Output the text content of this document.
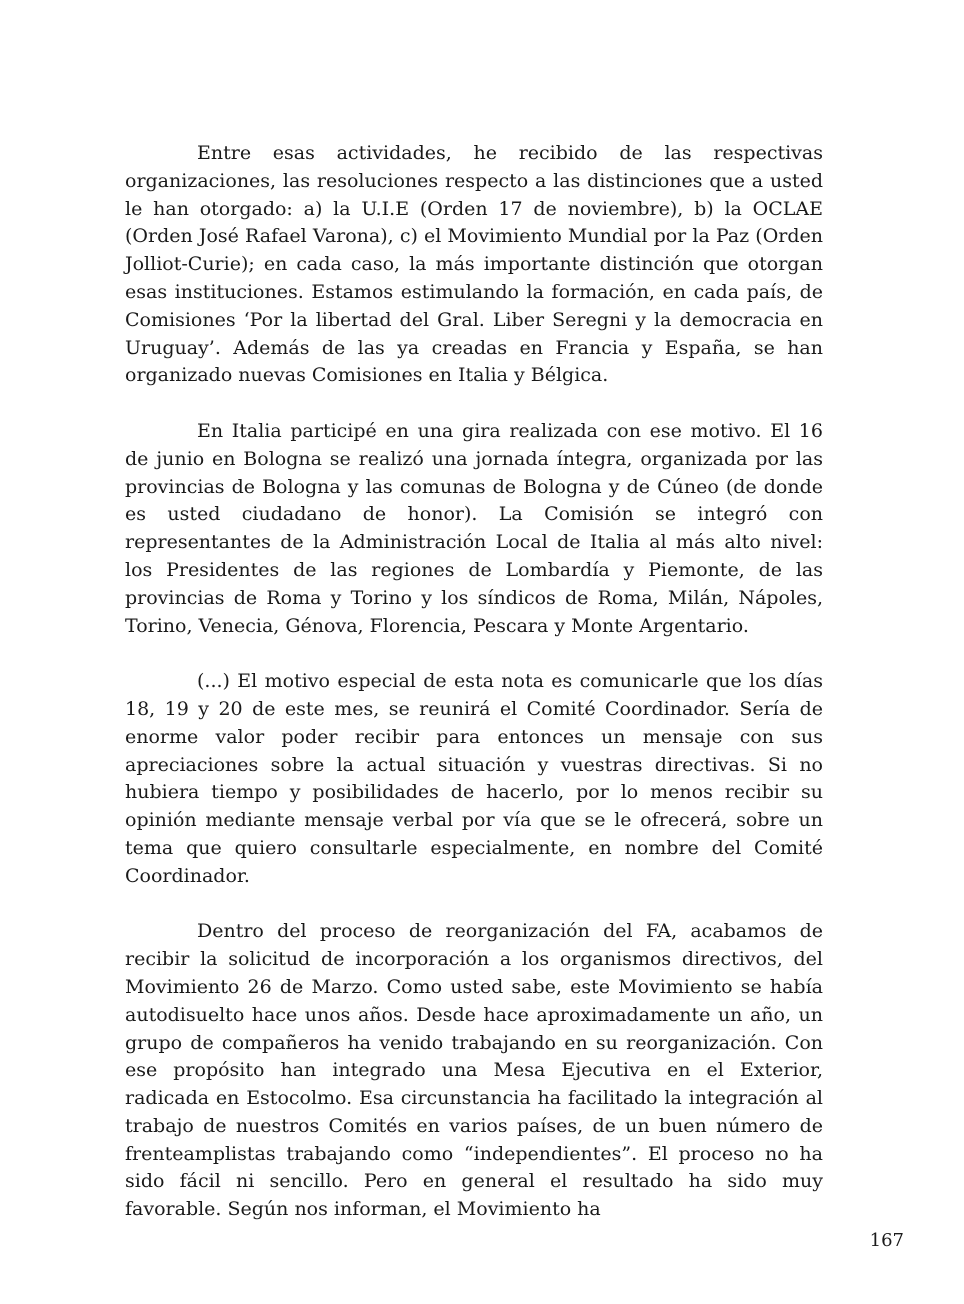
Entre esas actividades, he recibido de las respectivas organizaciones, las resoluciones respecto a las distinciones que a usted le han otorgado: a) la U.I.E (Orden 17 de noviembre), b) la OCLAE (Orden José Rafael Varona), c) el Movimiento Mundial por la Paz (Orden Jolliot-Curie); en cada caso, la más importante distinción que otorgan esas instituciones. Estamos estimulando la formación, en cada país, de Comisiones ‘Por la libertad del Gral. Liber Seregni y la democracia en Uruguay’. Además de las ya creadas en Francia y España, se han organizado nuevas Comisiones en Italia y Bélgica.

En Italia participé en una gira realizada con ese motivo. El 16 de junio en Bologna se realizó una jornada íntegra, organizada por las provincias de Bologna y las comunas de Bologna y de Cúneo (de donde es usted ciudadano de honor). La Comisión se integró con representantes de la Administración Local de Italia al más alto nivel: los Presidentes de las regiones de Lombardía y Piemonte, de las provincias de Roma y Torino y los síndicos de Roma, Milán, Nápoles, Torino, Venecia, Génova, Florencia, Pescara y Monte Argentario.

(...) El motivo especial de esta nota es comunicarle que los días 18, 19 y 20 de este mes, se reunirá el Comité Coordinador. Sería de enorme valor poder recibir para entonces un mensaje con sus apreciaciones sobre la actual situación y vuestras directivas. Si no hubiera tiempo y posibilidades de hacerlo, por lo menos recibir su opinión mediante mensaje verbal por vía que se le ofrecerá, sobre un tema que quiero consultarle especialmente, en nombre del Comité Coordinador.

Dentro del proceso de reorganización del FA, acabamos de recibir la solicitud de incorporación a los organismos directivos, del Movimiento 26 de Marzo. Como usted sabe, este Movimiento se había autodisuelto hace unos años. Desde hace aproximadamente un año, un grupo de compañeros ha venido trabajando en su reorganización. Con ese propósito han integrado una Mesa Ejecutiva en el Exterior, radicada en Estocolmo. Esa circunstancia ha facilitado la integración al trabajo de nuestros Comités en varios países, de un buen número de frenteamplistas trabajando como “independientes”. El proceso no ha sido fácil ni sencillo. Pero en general el resultado ha sido muy favorable. Según nos informan, el Movimiento ha

167
